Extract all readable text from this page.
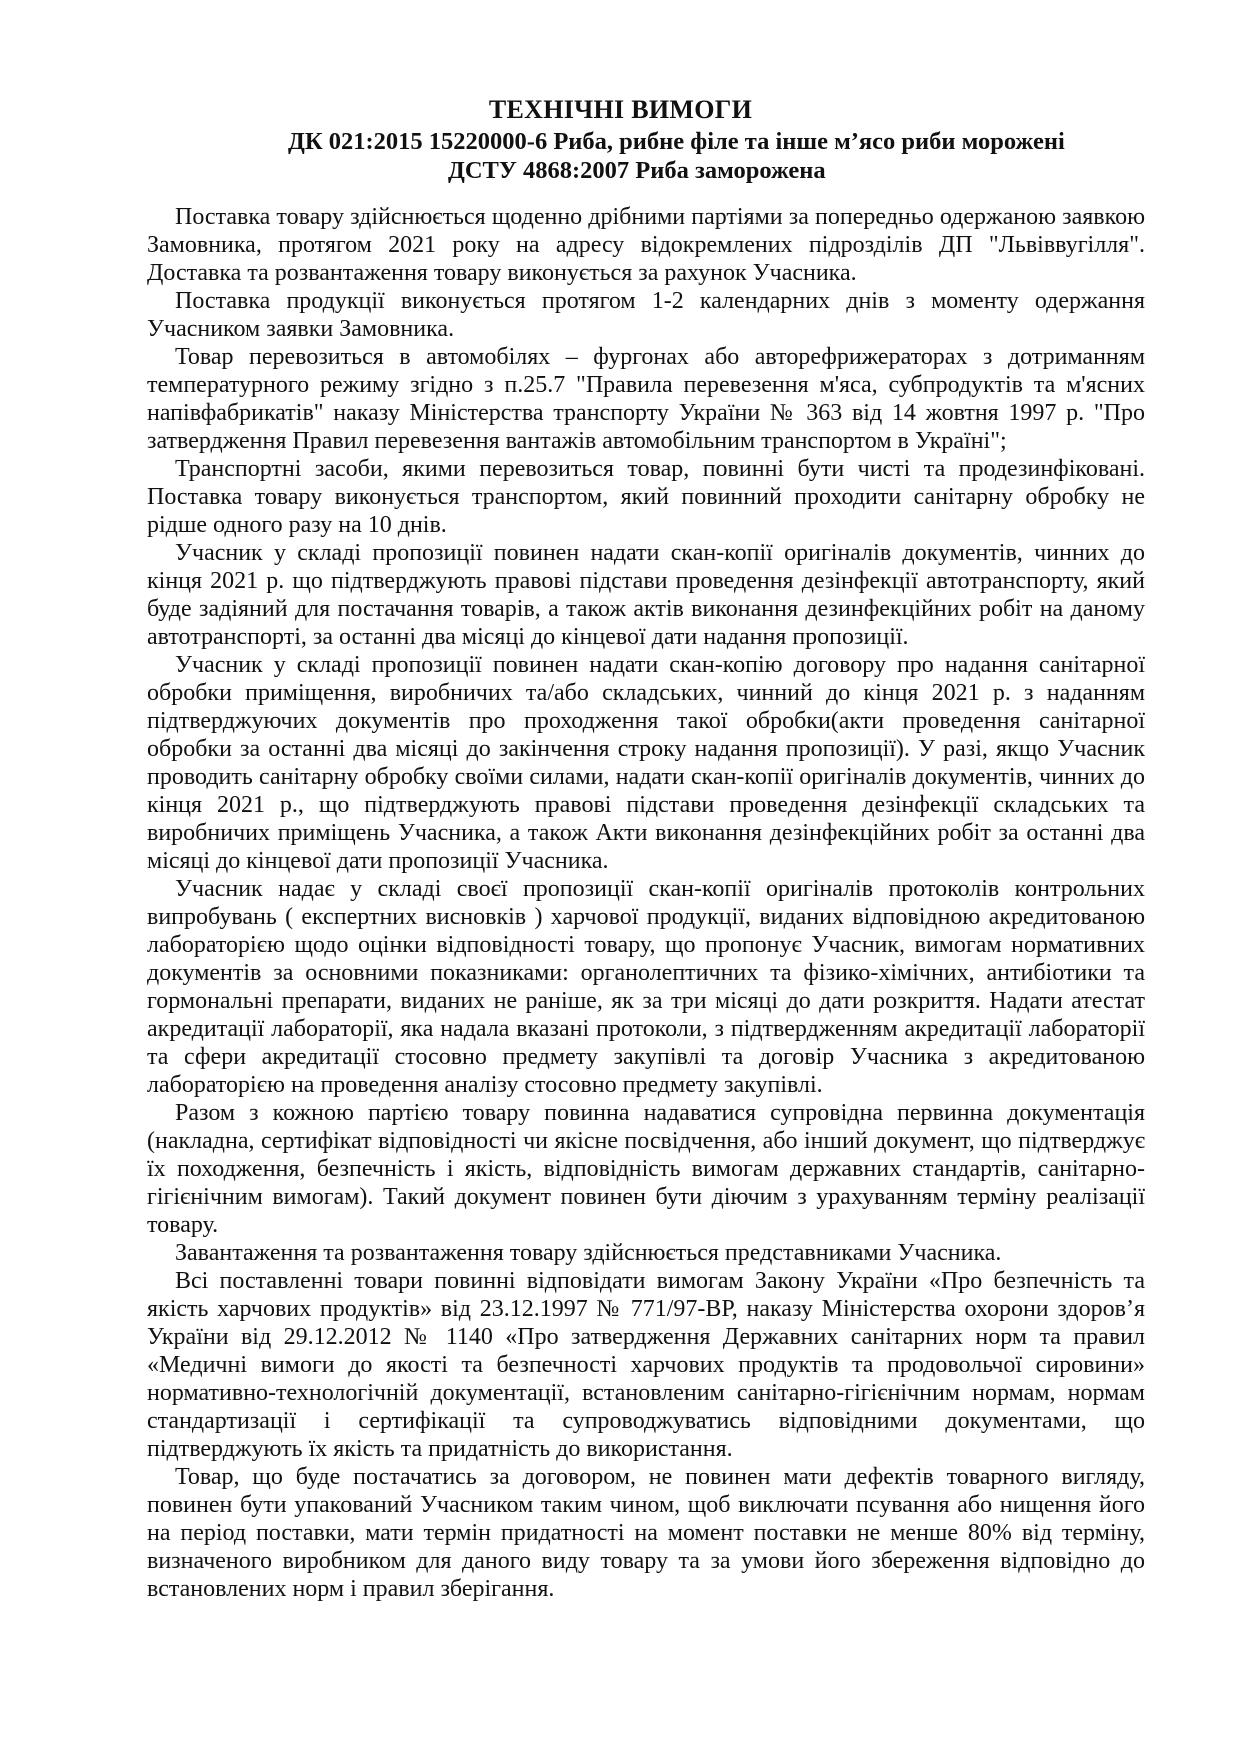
ТЕХНІЧНІ ВИМОГИ
ДК 021:2015 15220000-6 Риба, рибне філе та інше м’ясо риби морожені
ДСТУ 4868:2007 Риба заморожена

Поставка товару здійснюється щоденно дрібними партіями за попередньо одержаною заявкою Замовника, протягом 2021 року на адресу відокремлених підрозділів ДП "Львіввугілля". Доставка та розвантаження товару виконується за рахунок Учасника.

Поставка продукції виконується протягом 1-2 календарних днів з моменту одержання Учасником заявки Замовника.

Товар перевозиться в автомобілях – фургонах або авторефрижераторах з дотриманням температурного режиму згідно з п.25.7 "Правила перевезення м'яса, субпродуктів та м'ясних напівфабрикатів" наказу Міністерства транспорту України № 363 від 14 жовтня 1997 р. "Про затвердження Правил перевезення вантажів автомобільним транспортом в Україні";

Транспортні засоби, якими перевозиться товар, повинні бути чисті та продезинфіковані. Поставка товару виконується транспортом, який повинний проходити санітарну обробку не рідше одного разу на 10 днів.

Учасник у складі пропозиції повинен надати скан-копії оригіналів документів, чинних до кінця 2021 р. що підтверджують правові підстави проведення дезінфекції автотранспорту, який буде задіяний для постачання товарів, а також актів виконання дезинфекційних робіт на даному автотранспорті, за останні два місяці до кінцевої дати надання пропозиції.

Учасник у складі пропозиції повинен надати скан-копію договору про надання санітарної обробки приміщення, виробничих та/або складських, чинний до кінця 2021 р. з наданням підтверджуючих документів про проходження такої обробки(акти проведення санітарної обробки за останні два місяці до закінчення строку надання пропозиції). У разі, якщо Учасник проводить санітарну обробку своїми силами, надати скан-копії оригіналів документів, чинних до кінця 2021 р., що підтверджують правові підстави проведення дезінфекції складських та виробничих приміщень Учасника, а також Акти виконання дезінфекційних робіт за останні два місяці до кінцевої дати пропозиції Учасника.

Учасник надає у складі своєї пропозиції скан-копії оригіналів протоколів контрольних випробувань ( експертних висновків ) харчової продукції, виданих відповідною акредитованою лабораторією щодо оцінки відповідності товару, що пропонує Учасник, вимогам нормативних документів за основними показниками: органолептичних та фізико-хімічних, антибіотики та гормональні препарати, виданих не раніше, як за три місяці до дати розкриття. Надати атестат акредитації лабораторії, яка надала вказані протоколи, з підтвердженням акредитації лабораторії та сфери акредитації стосовно предмету закупівлі та договір Учасника з акредитованою лабораторією на проведення аналізу стосовно предмету закупівлі.

Разом з кожною партією товару повинна надаватися супровідна первинна документація (накладна, сертифікат відповідності чи якісне посвідчення, або інший документ, що підтверджує їх походження, безпечність і якість, відповідність вимогам державних стандартів, санітарно-гігієнічним вимогам). Такий документ повинен бути діючим з урахуванням терміну реалізації товару.

Завантаження та розвантаження товару здійснюється представниками Учасника.

Всі поставленні товари повинні відповідати вимогам Закону України «Про безпечність та якість харчових продуктів» від 23.12.1997 № 771/97-ВР, наказу Міністерства охорони здоров’я України від 29.12.2012 № 1140 «Про затвердження Державних санітарних норм та правил «Медичні вимоги до якості та безпечності харчових продуктів та продовольчої сировини» нормативно-технологічній документації, встановленим санітарно-гігієнічним нормам, нормам стандартизації і сертифікації та супроводжуватись відповідними документами, що підтверджують їх якість та придатність до використання.

Товар, що буде постачатись за договором, не повинен мати дефектів товарного вигляду, повинен бути упакований Учасником таким чином, щоб виключати псування або нищення його на період поставки, мати термін придатності на момент поставки не менше 80% від терміну, визначеного виробником для даного виду товару та за умови його збереження відповідно до встановлених норм і правил зберігання.
